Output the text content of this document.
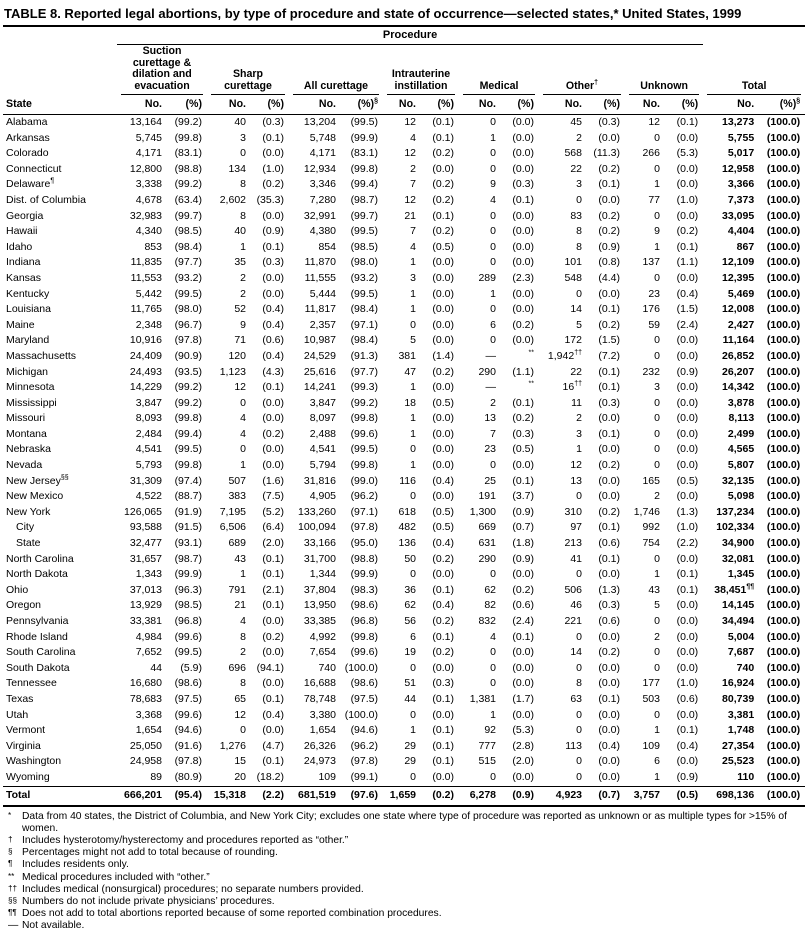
TABLE 8. Reported legal abortions, by type of procedure and state of occurrence—selected states,* United States, 1999
	Procedure															

	Suction curettage & dilation and evacuation		Sharp curettage		All curettage		Intrauterine instillation		Medical		Other†		Unknown		Total	

State	No.	(%)	No.	(%)	No.	(%)§	No.	(%)	No.	(%)	No.	(%)	No.	(%)	No.	(%)§
Alabama	13,164	(99.2)	40	(0.3)	13,204	(99.5)	12	(0.1)	0	(0.0)	45	(0.3)	12	(0.1)	13,273	(100.0)
Arkansas	5,745	(99.8)	3	(0.1)	5,748	(99.9)	4	(0.1)	1	(0.0)	2	(0.0)	0	(0.0)	5,755	(100.0)
Colorado	4,171	(83.1)	0	(0.0)	4,171	(83.1)	12	(0.2)	0	(0.0)	568	(11.3)	266	(5.3)	5,017	(100.0)
Connecticut	12,800	(98.8)	134	(1.0)	12,934	(99.8)	2	(0.0)	0	(0.0)	22	(0.2)	0	(0.0)	12,958	(100.0)
Delaware¶	3,338	(99.2)	8	(0.2)	3,346	(99.4)	7	(0.2)	9	(0.3)	3	(0.1)	1	(0.0)	3,366	(100.0)
Dist. of Columbia	4,678	(63.4)	2,602	(35.3)	7,280	(98.7)	12	(0.2)	4	(0.1)	0	(0.0)	77	(1.0)	7,373	(100.0)
Georgia	32,983	(99.7)	8	(0.0)	32,991	(99.7)	21	(0.1)	0	(0.0)	83	(0.2)	0	(0.0)	33,095	(100.0)
Hawaii	4,340	(98.5)	40	(0.9)	4,380	(99.5)	7	(0.2)	0	(0.0)	8	(0.2)	9	(0.2)	4,404	(100.0)
Idaho	853	(98.4)	1	(0.1)	854	(98.5)	4	(0.5)	0	(0.0)	8	(0.9)	1	(0.1)	867	(100.0)
Indiana	11,835	(97.7)	35	(0.3)	11,870	(98.0)	1	(0.0)	0	(0.0)	101	(0.8)	137	(1.1)	12,109	(100.0)
Kansas	11,553	(93.2)	2	(0.0)	11,555	(93.2)	3	(0.0)	289	(2.3)	548	(4.4)	0	(0.0)	12,395	(100.0)
Kentucky	5,442	(99.5)	2	(0.0)	5,444	(99.5)	1	(0.0)	1	(0.0)	0	(0.0)	23	(0.4)	5,469	(100.0)
Louisiana	11,765	(98.0)	52	(0.4)	11,817	(98.4)	1	(0.0)	0	(0.0)	14	(0.1)	176	(1.5)	12,008	(100.0)
Maine	2,348	(96.7)	9	(0.4)	2,357	(97.1)	0	(0.0)	6	(0.2)	5	(0.2)	59	(2.4)	2,427	(100.0)
Maryland	10,916	(97.8)	71	(0.6)	10,987	(98.4)	5	(0.0)	0	(0.0)	172	(1.5)	0	(0.0)	11,164	(100.0)
Massachusetts	24,409	(90.9)	120	(0.4)	24,529	(91.3)	381	(1.4)	—	**	1,942††	(7.2)	0	(0.0)	26,852	(100.0)
Michigan	24,493	(93.5)	1,123	(4.3)	25,616	(97.7)	47	(0.2)	290	(1.1)	22	(0.1)	232	(0.9)	26,207	(100.0)
Minnesota	14,229	(99.2)	12	(0.1)	14,241	(99.3)	1	(0.0)	—	**	16††	(0.1)	3	(0.0)	14,342	(100.0)
Mississippi	3,847	(99.2)	0	(0.0)	3,847	(99.2)	18	(0.5)	2	(0.1)	11	(0.3)	0	(0.0)	3,878	(100.0)
Missouri	8,093	(99.8)	4	(0.0)	8,097	(99.8)	1	(0.0)	13	(0.2)	2	(0.0)	0	(0.0)	8,113	(100.0)
Montana	2,484	(99.4)	4	(0.2)	2,488	(99.6)	1	(0.0)	7	(0.3)	3	(0.1)	0	(0.0)	2,499	(100.0)
Nebraska	4,541	(99.5)	0	(0.0)	4,541	(99.5)	0	(0.0)	23	(0.5)	1	(0.0)	0	(0.0)	4,565	(100.0)
Nevada	5,793	(99.8)	1	(0.0)	5,794	(99.8)	1	(0.0)	0	(0.0)	12	(0.2)	0	(0.0)	5,807	(100.0)
New Jersey§§	31,309	(97.4)	507	(1.6)	31,816	(99.0)	116	(0.4)	25	(0.1)	13	(0.0)	165	(0.5)	32,135	(100.0)
New Mexico	4,522	(88.7)	383	(7.5)	4,905	(96.2)	0	(0.0)	191	(3.7)	0	(0.0)	2	(0.0)	5,098	(100.0)
New York	126,065	(91.9)	7,195	(5.2)	133,260	(97.1)	618	(0.5)	1,300	(0.9)	310	(0.2)	1,746	(1.3)	137,234	(100.0)
City	93,588	(91.5)	6,506	(6.4)	100,094	(97.8)	482	(0.5)	669	(0.7)	97	(0.1)	992	(1.0)	102,334	(100.0)
State	32,477	(93.1)	689	(2.0)	33,166	(95.0)	136	(0.4)	631	(1.8)	213	(0.6)	754	(2.2)	34,900	(100.0)
North Carolina	31,657	(98.7)	43	(0.1)	31,700	(98.8)	50	(0.2)	290	(0.9)	41	(0.1)	0	(0.0)	32,081	(100.0)
North Dakota	1,343	(99.9)	1	(0.1)	1,344	(99.9)	0	(0.0)	0	(0.0)	0	(0.0)	1	(0.1)	1,345	(100.0)
Ohio	37,013	(96.3)	791	(2.1)	37,804	(98.3)	36	(0.1)	62	(0.2)	506	(1.3)	43	(0.1)	38,451¶¶	(100.0)
Oregon	13,929	(98.5)	21	(0.1)	13,950	(98.6)	62	(0.4)	82	(0.6)	46	(0.3)	5	(0.0)	14,145	(100.0)
Pennsylvania	33,381	(96.8)	4	(0.0)	33,385	(96.8)	56	(0.2)	832	(2.4)	221	(0.6)	0	(0.0)	34,494	(100.0)
Rhode Island	4,984	(99.6)	8	(0.2)	4,992	(99.8)	6	(0.1)	4	(0.1)	0	(0.0)	2	(0.0)	5,004	(100.0)
South Carolina	7,652	(99.5)	2	(0.0)	7,654	(99.6)	19	(0.2)	0	(0.0)	14	(0.2)	0	(0.0)	7,687	(100.0)
South Dakota	44	(5.9)	696	(94.1)	740	(100.0)	0	(0.0)	0	(0.0)	0	(0.0)	0	(0.0)	740	(100.0)
Tennessee	16,680	(98.6)	8	(0.0)	16,688	(98.6)	51	(0.3)	0	(0.0)	8	(0.0)	177	(1.0)	16,924	(100.0)
Texas	78,683	(97.5)	65	(0.1)	78,748	(97.5)	44	(0.1)	1,381	(1.7)	63	(0.1)	503	(0.6)	80,739	(100.0)
Utah	3,368	(99.6)	12	(0.4)	3,380	(100.0)	0	(0.0)	1	(0.0)	0	(0.0)	0	(0.0)	3,381	(100.0)
Vermont	1,654	(94.6)	0	(0.0)	1,654	(94.6)	1	(0.1)	92	(5.3)	0	(0.0)	1	(0.1)	1,748	(100.0)
Virginia	25,050	(91.6)	1,276	(4.7)	26,326	(96.2)	29	(0.1)	777	(2.8)	113	(0.4)	109	(0.4)	27,354	(100.0)
Washington	24,958	(97.8)	15	(0.1)	24,973	(97.8)	29	(0.1)	515	(2.0)	0	(0.0)	6	(0.0)	25,523	(100.0)
Wyoming	89	(80.9)	20	(18.2)	109	(99.1)	0	(0.0)	0	(0.0)	0	(0.0)	1	(0.9)	110	(100.0)
Total	666,201	(95.4)	15,318	(2.2)	681,519	(97.6)	1,659	(0.2)	6,278	(0.9)	4,923	(0.7)	3,757	(0.5)	698,136	(100.0)
* Data from 40 states, the District of Columbia, and New York City; excludes one state where type of procedure was reported as unknown or as multiple types for >15% of women.
† Includes hysterotomy/hysterectomy and procedures reported as “other.”
§ Percentages might not add to total because of rounding.
¶ Includes residents only.
** Medical procedures included with “other.”
†† Includes medical (nonsurgical) procedures; no separate numbers provided.
§§ Numbers do not include private physicians’ procedures.
¶¶ Does not add to total abortions reported because of some reported combination procedures.
— Not available.
